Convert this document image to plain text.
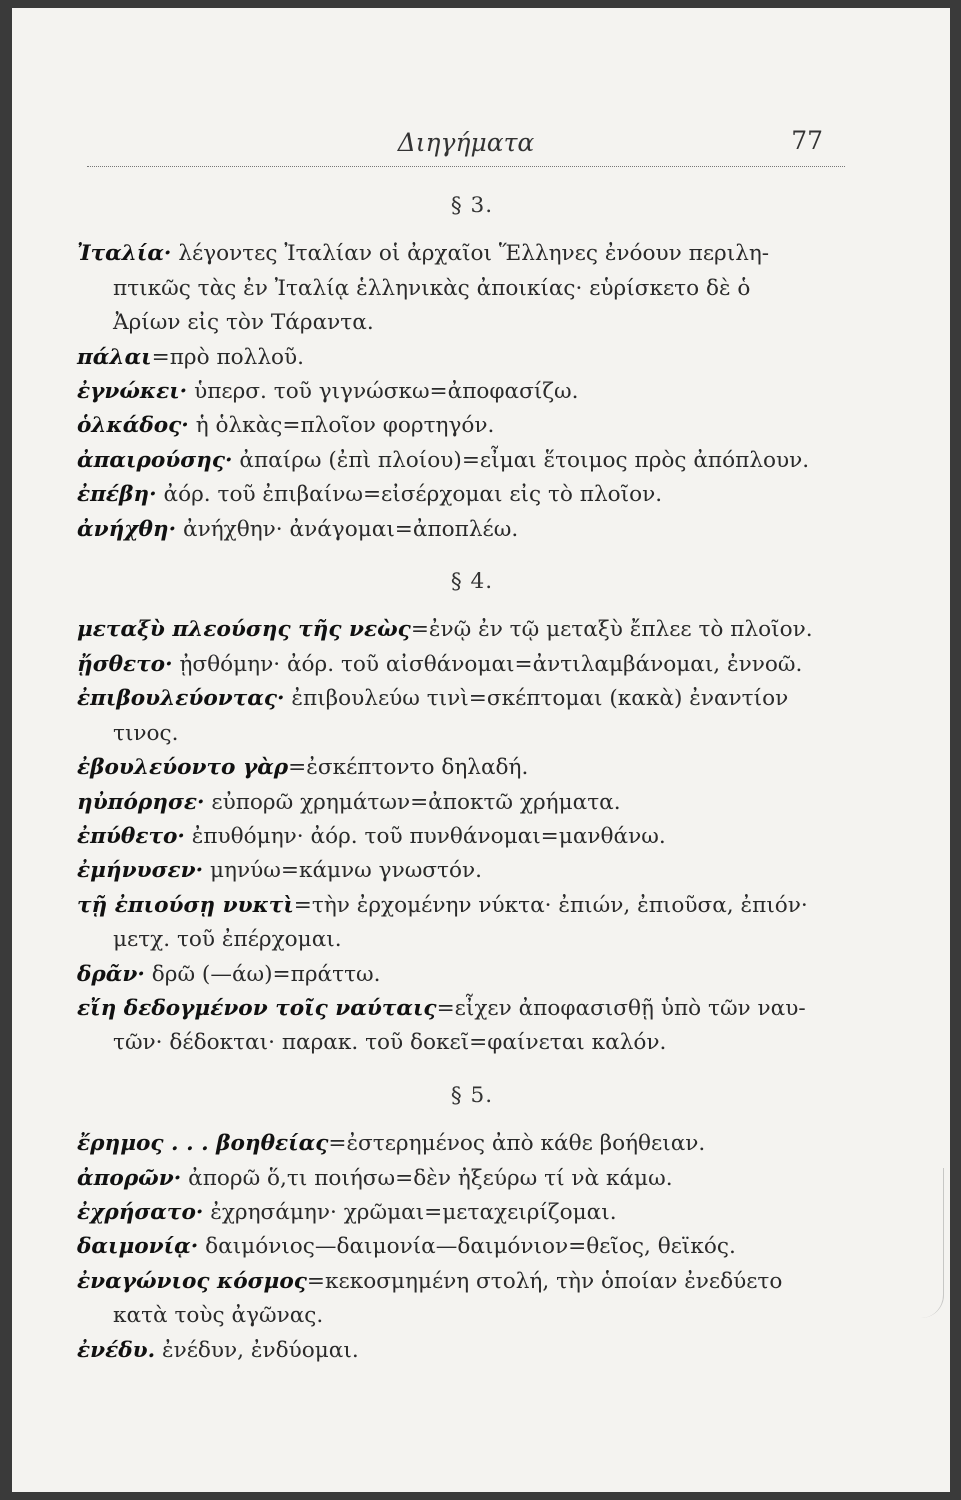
Διηγήματα	77
§ 3.
Ἰταλία· λέγοντες Ἰταλίαν οἱ ἀρχαῖοι Ἕλληνες ἐνόουν περιλη-
πτικῶς τὰς ἐν Ἰταλίᾳ ἑλληνικὰς ἀποικίας· εὑρίσκετο δὲ ὁ
Ἀρίων εἰς τὸν Τάραντα.
πάλαι=πρὸ πολλοῦ.
ἐγνώκει· ὑπερσ. τοῦ γιγνώσκω=ἀποφασίζω.
ὁλκάδος· ἡ ὁλκὰς=πλοῖον φορτηγόν.
ἀπαιρούσης· ἀπαίρω (ἐπὶ πλοίου)=εἶμαι ἕτοιμος πρὸς ἀπόπλουν.
ἐπέβη· ἀόρ. τοῦ ἐπιβαίνω=εἰσέρχομαι εἰς τὸ πλοῖον.
ἀνήχθη· ἀνήχθην· ἀνάγομαι=ἀποπλέω.
§ 4.
μεταξὺ πλεούσης τῆς νεὼς=ἐνῷ ἐν τῷ μεταξὺ ἔπλεε τὸ πλοῖον.
ᾔσθετο· ᾐσθόμην· ἀόρ. τοῦ αἰσθάνομαι=ἀντιλαμβάνομαι, ἐννοῶ.
ἐπιβουλεύοντας· ἐπιβουλεύω τινὶ=σκέπτομαι (κακὰ) ἐναντίον
τινος.
ἐβουλεύοντο γὰρ=ἐσκέπτοντο δηλαδή.
ηὐπόρησε· εὐπορῶ χρημάτων=ἀποκτῶ χρήματα.
ἐπύθετο· ἐπυθόμην· ἀόρ. τοῦ πυνθάνομαι=μανθάνω.
ἐμήνυσεν· μηνύω=κάμνω γνωστόν.
τῇ ἐπιούσῃ νυκτὶ=τὴν ἐρχομένην νύκτα· ἐπιών, ἐπιοῦσα, ἐπιόν·
μετχ. τοῦ ἐπέρχομαι.
δρᾶν· δρῶ (—άω)=πράττω.
εἴη δεδογμένον τοῖς ναύταις=εἶχεν ἀποφασισθῇ ὑπὸ τῶν ναυ-
τῶν· δέδοκται· παρακ. τοῦ δοκεῖ=φαίνεται καλόν.
§ 5.
ἔρημος . . . βοηθείας=ἐστερημένος ἀπὸ κάθε βοήθειαν.
ἀπορῶν· ἀπορῶ ὅ,τι ποιήσω=δὲν ἠξεύρω τί νὰ κάμω.
ἐχρήσατο· ἐχρησάμην· χρῶμαι=μεταχειρίζομαι.
δαιμονίᾳ· δαιμόνιος—δαιμονία—δαιμόνιον=θεῖος, θεϊκός.
ἐναγώνιος κόσμος=κεκοσμημένη στολή, τὴν ὁποίαν ἐνεδύετο
κατὰ τοὺς ἀγῶνας.
ἐνέδυ. ἐνέδυν, ἐνδύομαι.
